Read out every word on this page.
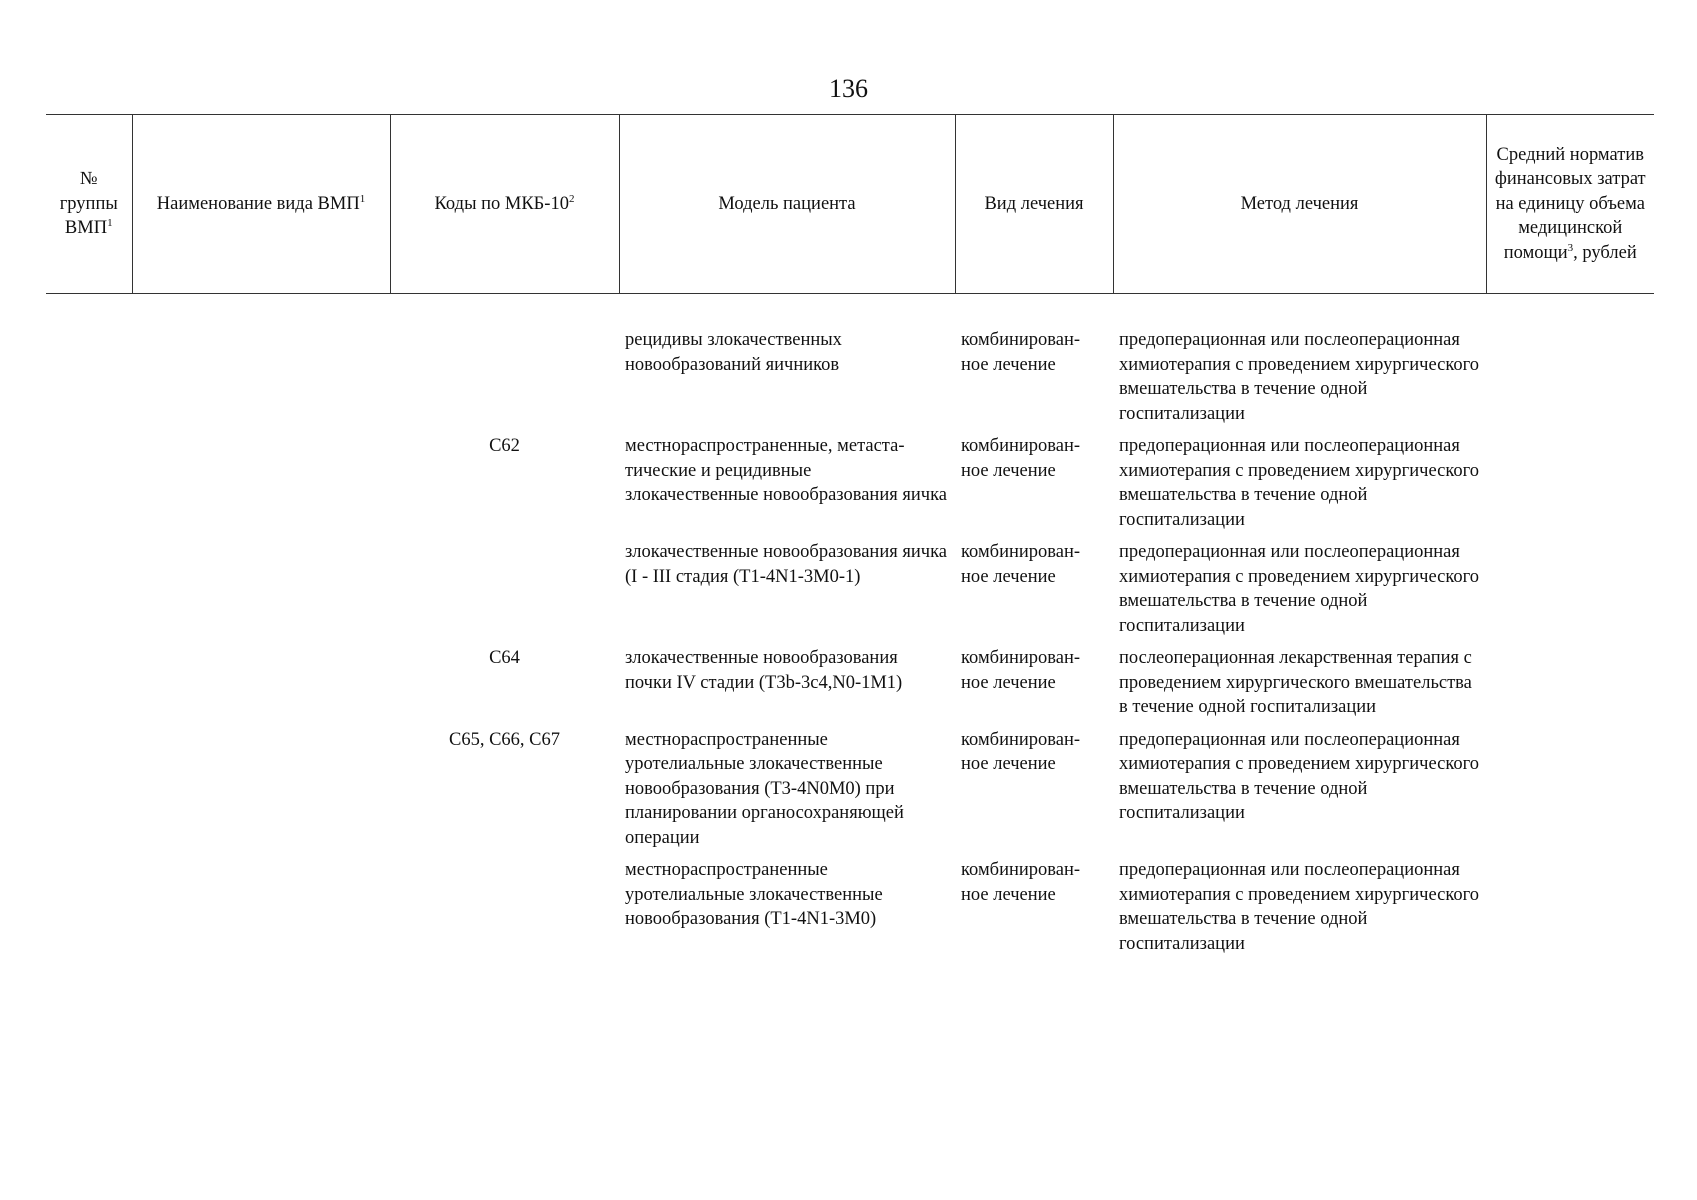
136
№ группы ВМП$^1$	Наименование вида ВМП$^1$	Коды по МКБ-$10^2$	Модель пациента	Вид лечения	Метод лечения	Средний норматив финансовых затрат на единицу объема медицинской помощи$^3$, рублей

			рецидивы злокачественных новообразований яичников	комбинирован-ное лечение	предоперационная или послеоперационная химиотерапия с проведением хирургического вмешательства в течение одной госпитализации	
		C62	местнораспространенные, метаста-тические и рецидивные злокачественные новообразования яичка	комбинирован-ное лечение	предоперационная или послеоперационная химиотерапия с проведением хирургического вмешательства в течение одной госпитализации	
			злокачественные новообразования яичка (I - III стадия (T1-4N1-3M0-1)	комбинирован-ное лечение	предоперационная или послеоперационная химиотерапия с проведением хирургического вмешательства в течение одной госпитализации	
		C64	злокачественные новообразования почки IV стадии (T3b-3c4,N0-1M1)	комбинирован-ное лечение	послеоперационная лекарственная терапия с проведением хирургического вмешательства в течение одной госпитализации	
		C65, C66, C67	местнораспространенные уротелиальные злокачественные новообразования (T3-4N0M0) при планировании органосохраняющей операции	комбинирован-ное лечение	предоперационная или послеоперационная химиотерапия с проведением хирургического вмешательства в течение одной госпитализации	
			местнораспространенные уротелиальные злокачественные новообразования (T1-4N1-3M0)	комбинирован-ное лечение	предоперационная или послеоперационная химиотерапия с проведением хирургического вмешательства в течение одной госпитализации	
